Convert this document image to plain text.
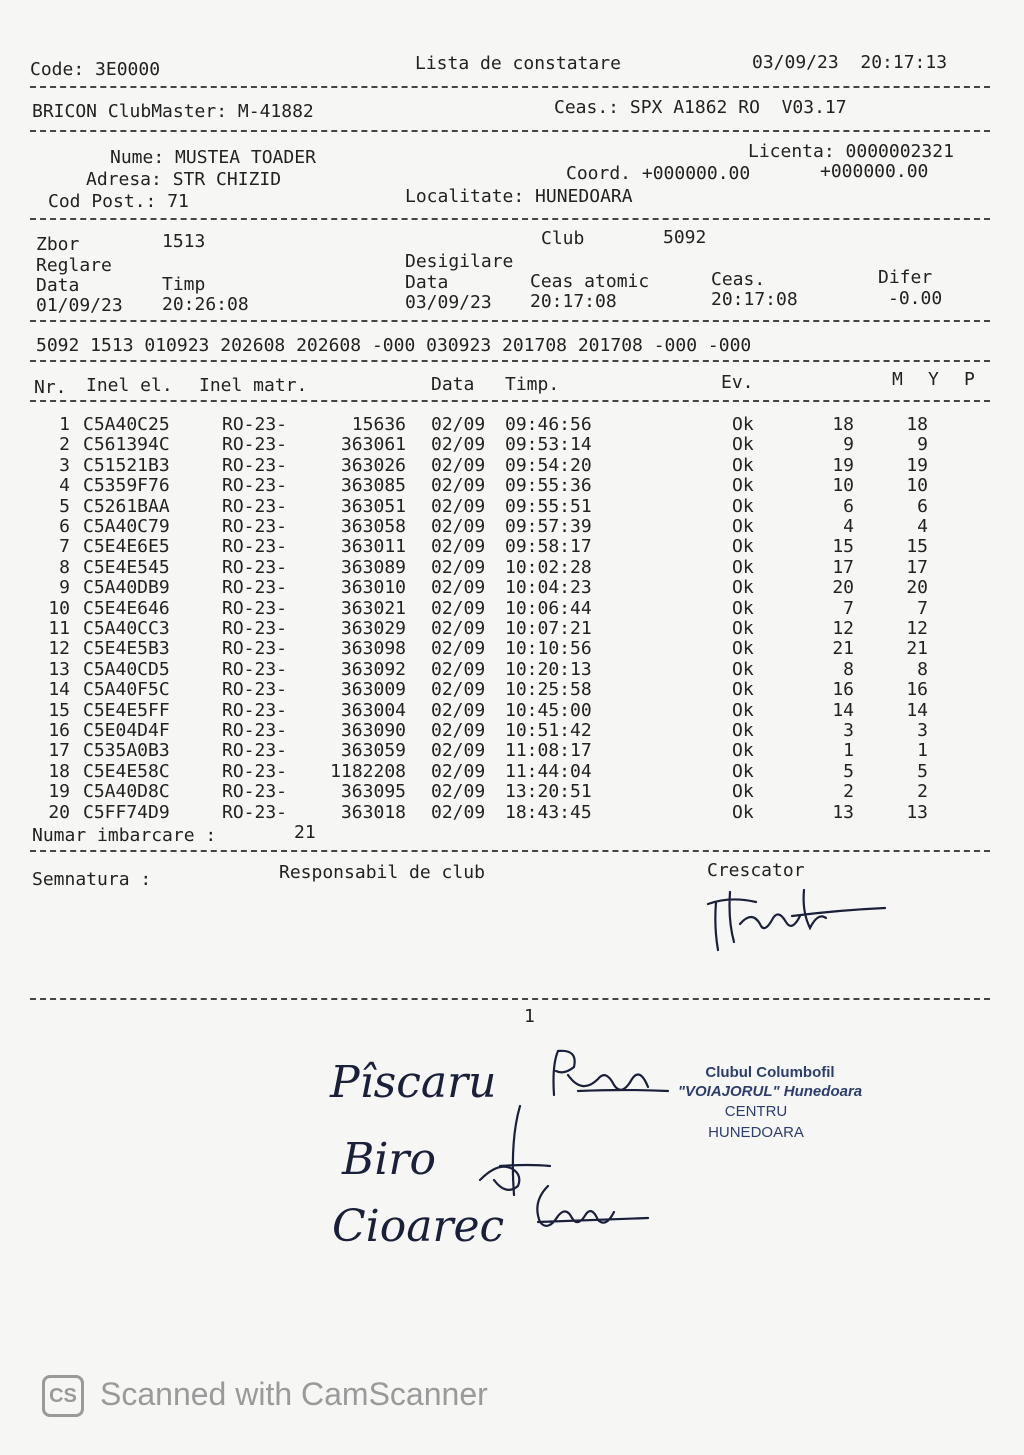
Code: 3E0000	Lista de constatare	03/09/23  20:17:13
BRICON ClubMaster: M-41882	Ceas.: SPX A1862 RO  V03.17
Nume: MUSTEA TOADER	Licenta: 0000002321
Adresa: STR CHIZID	Coord. +000000.00	+000000.00
Cod Post.: 71	Localitate: HUNEDOARA
Zbor	1513	Club	5092
Reglare	Desigilare
Data	Timp	Data	Ceas atomic	Ceas.	Difer
01/09/23 20:26:08	03/09/23 20:17:08	20:17:08	-0.00
5092 1513 010923 202608 202608 -000 030923 201708 201708 -000 -000
Nr. Inel el. Inel matr.	Data Timp.	Ev.	M Y P
1 C5A40C25	RO-23-	15636 02/09 09:46:56	Ok	18	18
2 C561394C	RO-23-	363061 02/09 09:53:14	Ok	9	9
3 C51521B3	RO-23-	363026 02/09 09:54:20	Ok	19	19
4 C5359F76	RO-23-	363085 02/09 09:55:36	Ok	10	10
5 C5261BAA	RO-23-	363051 02/09 09:55:51	Ok	6	6
6 C5A40C79	RO-23-	363058 02/09 09:57:39	Ok	4	4
7 C5E4E6E5	RO-23-	363011 02/09 09:58:17	Ok	15	15
8 C5E4E545	RO-23-	363089 02/09 10:02:28	Ok	17	17
9 C5A40DB9	RO-23-	363010 02/09 10:04:23	Ok	20	20
10 C5E4E646	RO-23-	363021 02/09 10:06:44	Ok	7	7
11 C5A40CC3	RO-23-	363029 02/09 10:07:21	Ok	12	12
12 C5E4E5B3	RO-23-	363098 02/09 10:10:56	Ok	21	21
13 C5A40CD5	RO-23-	363092 02/09 10:20:13	Ok	8	8
14 C5A40F5C	RO-23-	363009 02/09 10:25:58	Ok	16	16
15 C5E4E5FF	RO-23-	363004 02/09 10:45:00	Ok	14	14
16 C5E04D4F	RO-23-	363090 02/09 10:51:42	Ok	3	3
17 C535A0B3	RO-23-	363059 02/09 11:08:17	Ok	1	1
18 C5E4E58C	RO-23-	1182208 02/09 11:44:04	Ok	5	5
19 C5A40D8C	RO-23-	363095 02/09 13:20:51	Ok	2	2
20 C5FF74D9	RO-23-	363018 02/09 18:43:45	Ok	13	13
Numar imbarcare :	21
Semnatura :	Responsabil de club	Crescator
1
Pîscaru
Biro
Cioarec
Clubul Columbofil
"VOIAJORUL" Hunedoara
CENTRU
HUNEDOARA
CS Scanned with CamScanner
